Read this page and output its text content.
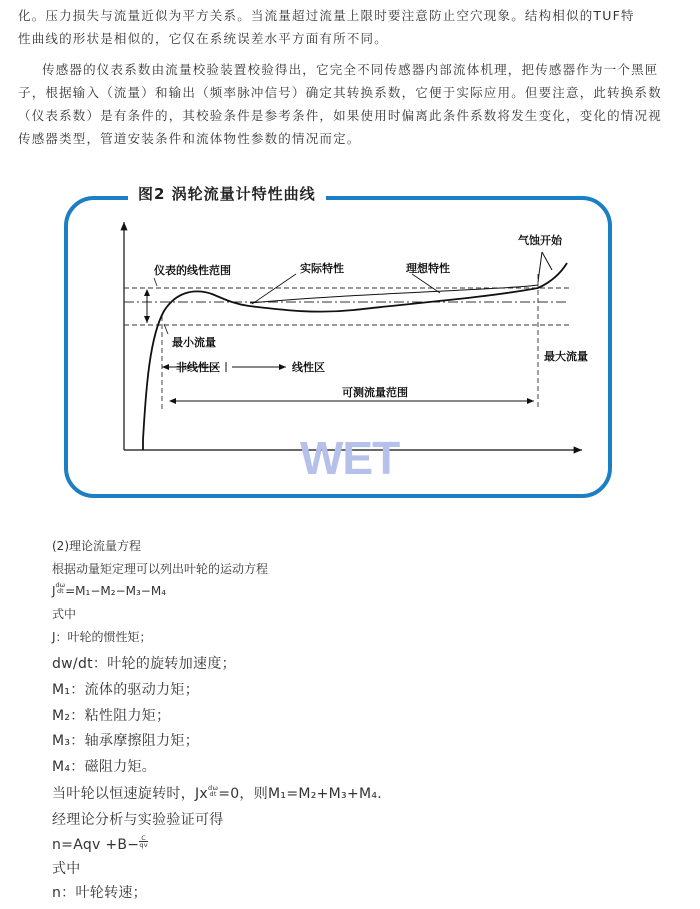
化。压力损失与流量近似为平方关系。当流量超过流量上限时要注意防止空穴现象。结构相似的TUF特
性曲线的形状是相似的，它仅在系统误差水平方面有所不同。
传感器的仪表系数由流量校验装置校验得出，它完全不同传感器内部流体机理，把传感器作为一个黑匣
子，根据输入（流量）和输出（频率脉冲信号）确定其转换系数，它便于实际应用。但要注意，此转换系数
（仪表系数）是有条件的，其校验条件是参考条件，如果使用时偏离此条件系数将发生变化，变化的情况视
传感器类型，管道安装条件和流体物性参数的情况而定。
图2 涡轮流量计特性曲线
仪表的线性范围	实际特性	理想特性
气蚀开始
最小流量
最大流量
非线性区	线性区
可测流量范围
WET

(2)理论流量方程

根据动量矩定理可以列出叶轮的运动方程

J dω
dt =M₁−M₂−M₃−M₄

式中

J：叶轮的惯性矩；

dw/dt：叶轮的旋转加速度；

M₁：流体的驱动力矩；

M₂：粘性阻力矩；

M₃：轴承摩擦阻力矩；

M₄：磁阻力矩。

当叶轮以恒速旋转时，Jx dω
dt =0，则M₁=M₂+M₃+M₄.

经理论分析与实验验证可得

$n=Aqv +B- \frac{C}{qv}$

式中

n：叶轮转速；
